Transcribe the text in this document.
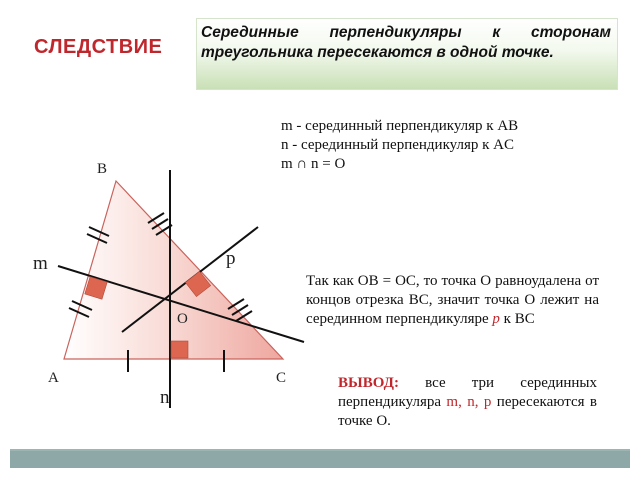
СЛЕДСТВИЕ

Серединные перпендикуляры к сторонам треугольника пересекаются в одной точке.

m - серединный перпендикуляр к AB
n - серединный перпендикуляр к AC
m ∩ n = O
B
A	C
O
m
n
p

Так как OB = OC, то точка O равноудалена от концов отрезка BC, значит точка O лежит на серединном перпендикуляре p к BC

ВЫВОД: все три серединных перпендикуляра m, n, p пересекаются в точке O.
